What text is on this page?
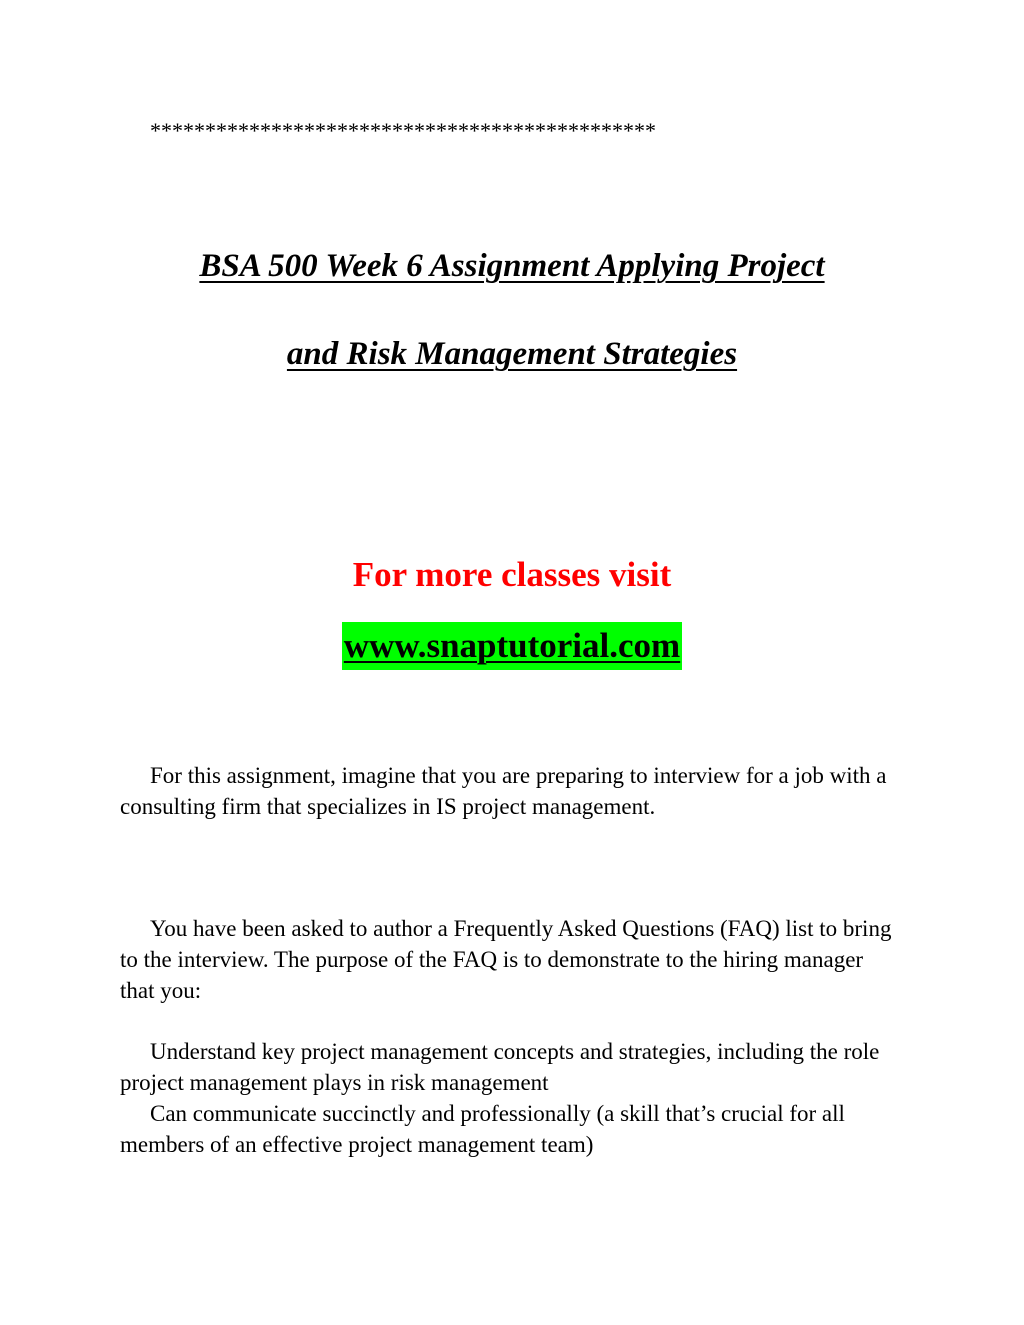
**********************************************
BSA 500 Week 6 Assignment Applying Project
and Risk Management Strategies
For more classes visit
www.snaptutorial.com
For this assignment, imagine that you are preparing to interview for a job with a consulting firm that specializes in IS project management.
You have been asked to author a Frequently Asked Questions (FAQ) list to bring to the interview. The purpose of the FAQ is to demonstrate to the hiring manager that you:
Understand key project management concepts and strategies, including the role project management plays in risk management
Can communicate succinctly and professionally (a skill that’s crucial for all members of an effective project management team)
